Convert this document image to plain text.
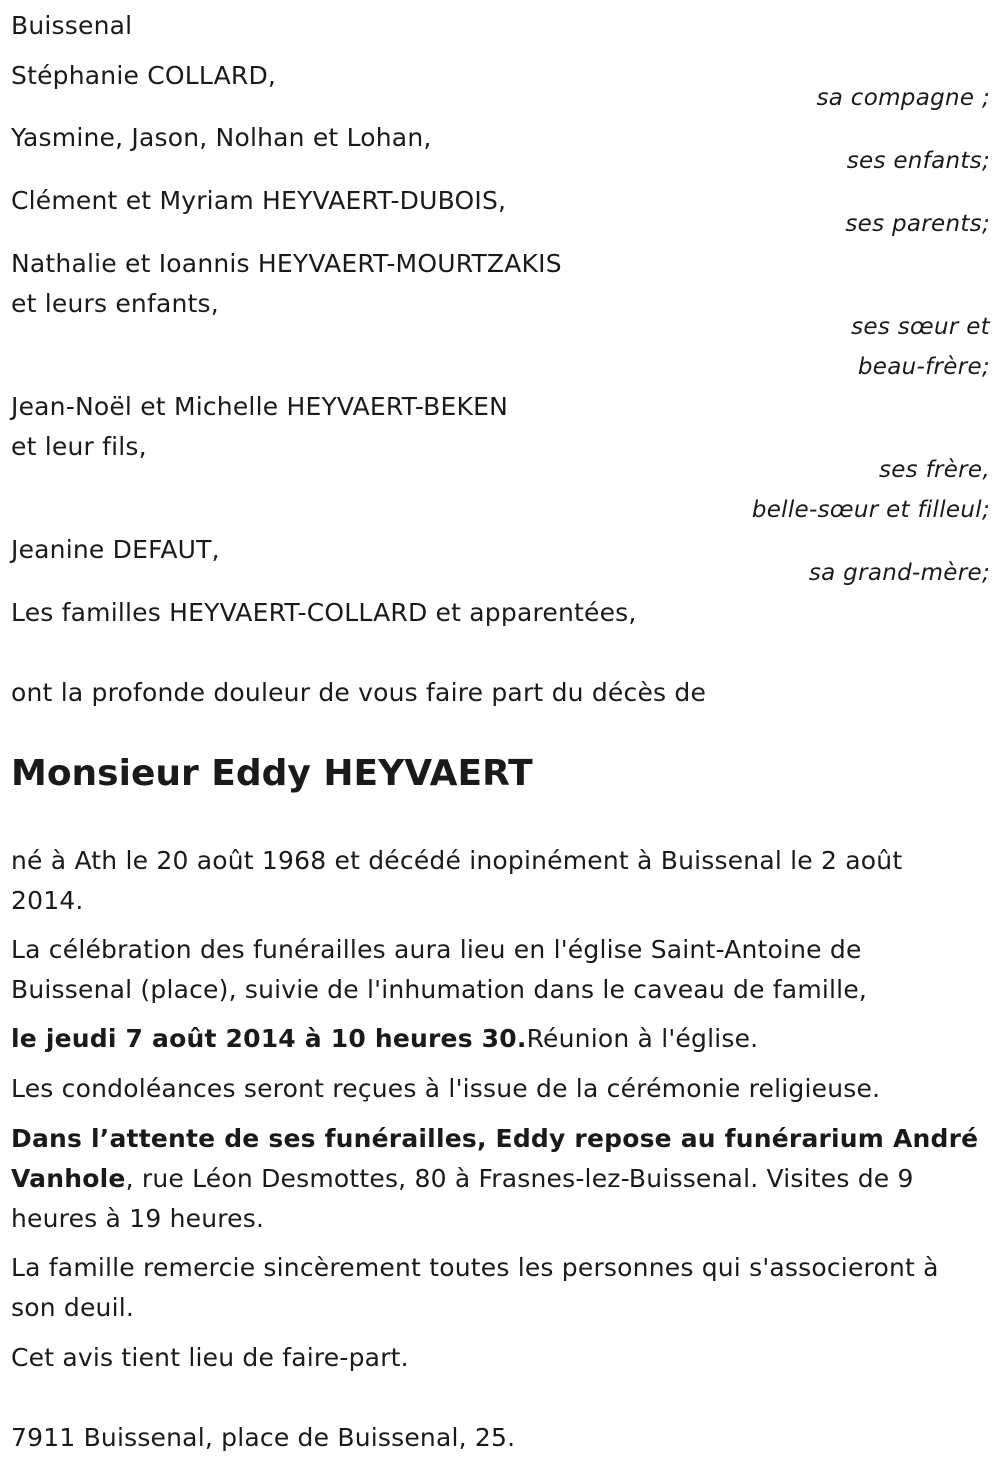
Buissenal
Stéphanie COLLARD,
sa compagne ;
Yasmine, Jason, Nolhan et Lohan,
ses enfants;
Clément et Myriam HEYVAERT-DUBOIS,
ses parents;
Nathalie et Ioannis HEYVAERT-MOURTZAKIS
et leurs enfants,
ses sœur et
beau-frère;
Jean-Noël et Michelle HEYVAERT-BEKEN
et leur fils,
ses frère,
belle-sœur et filleul;
Jeanine DEFAUT,
sa grand-mère;
Les familles HEYVAERT-COLLARD et apparentées,
ont la profonde douleur de vous faire part du décès de
Monsieur Eddy HEYVAERT
né à Ath le 20 août 1968 et décédé inopinément à Buissenal le 2 août
2014.
La célébration des funérailles aura lieu en l'église Saint-Antoine de
Buissenal (place), suivie de l'inhumation dans le caveau de famille,
le jeudi 7 août 2014 à 10 heures 30.Réunion à l'église.
Les condoléances seront reçues à l'issue de la cérémonie religieuse.
Dans l’attente de ses funérailles, Eddy repose au funérarium André
Vanhole, rue Léon Desmottes, 80 à Frasnes-lez-Buissenal. Visites de 9
heures à 19 heures.
La famille remercie sincèrement toutes les personnes qui s'associeront à
son deuil.
Cet avis tient lieu de faire-part.
7911 Buissenal, place de Buissenal, 25.
